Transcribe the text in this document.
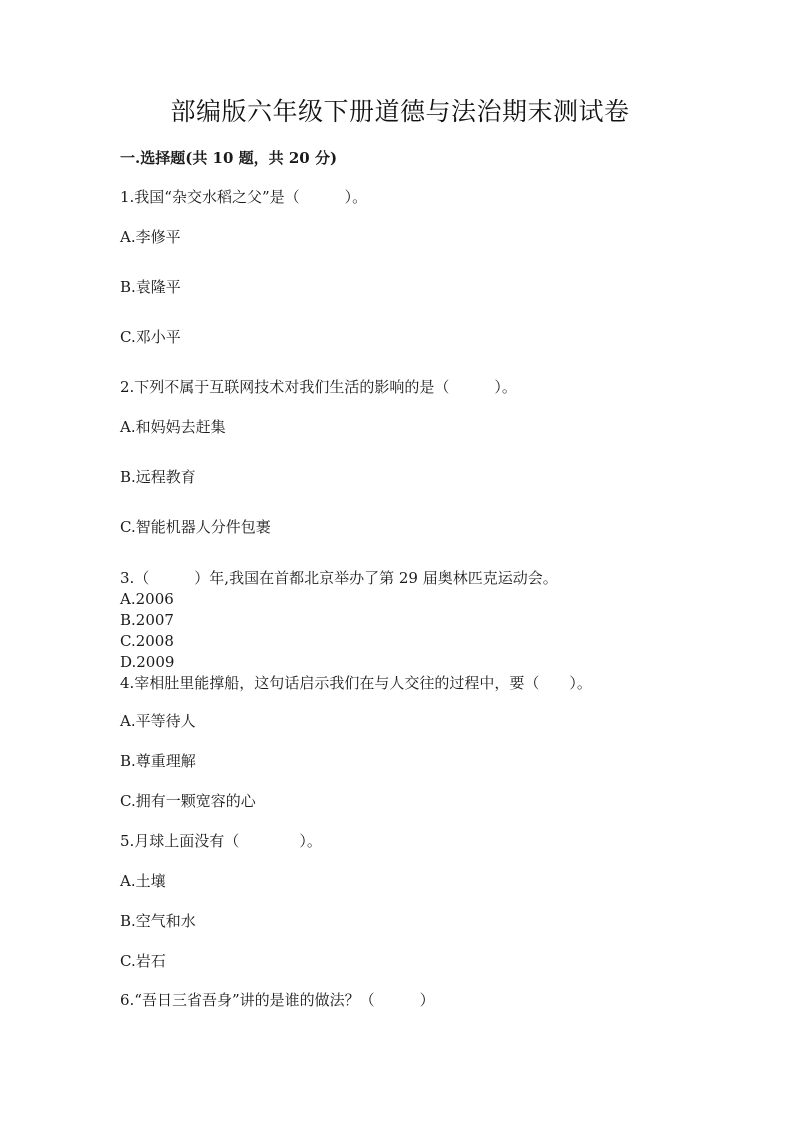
部编版六年级下册道德与法治期末测试卷
一.选择题(共 10 题，共 20 分)
1.我国“杂交水稻之父”是（　　　）。
A.李修平
B.袁隆平
C.邓小平
2.下列不属于互联网技术对我们生活的影响的是（　　　）。
A.和妈妈去赶集
B.远程教育
C.智能机器人分件包裹
3.（　　　）年,我国在首都北京举办了第 29 届奥林匹克运动会。
A.2006
B.2007
C.2008
D.2009
4.宰相肚里能撑船，这句话启示我们在与人交往的过程中，要（　　）。
A.平等待人
B.尊重理解
C.拥有一颗宽容的心
5.月球上面没有（　　　　）。
A.土壤
B.空气和水
C.岩石
6.“吾日三省吾身”讲的是谁的做法？（　　　）
